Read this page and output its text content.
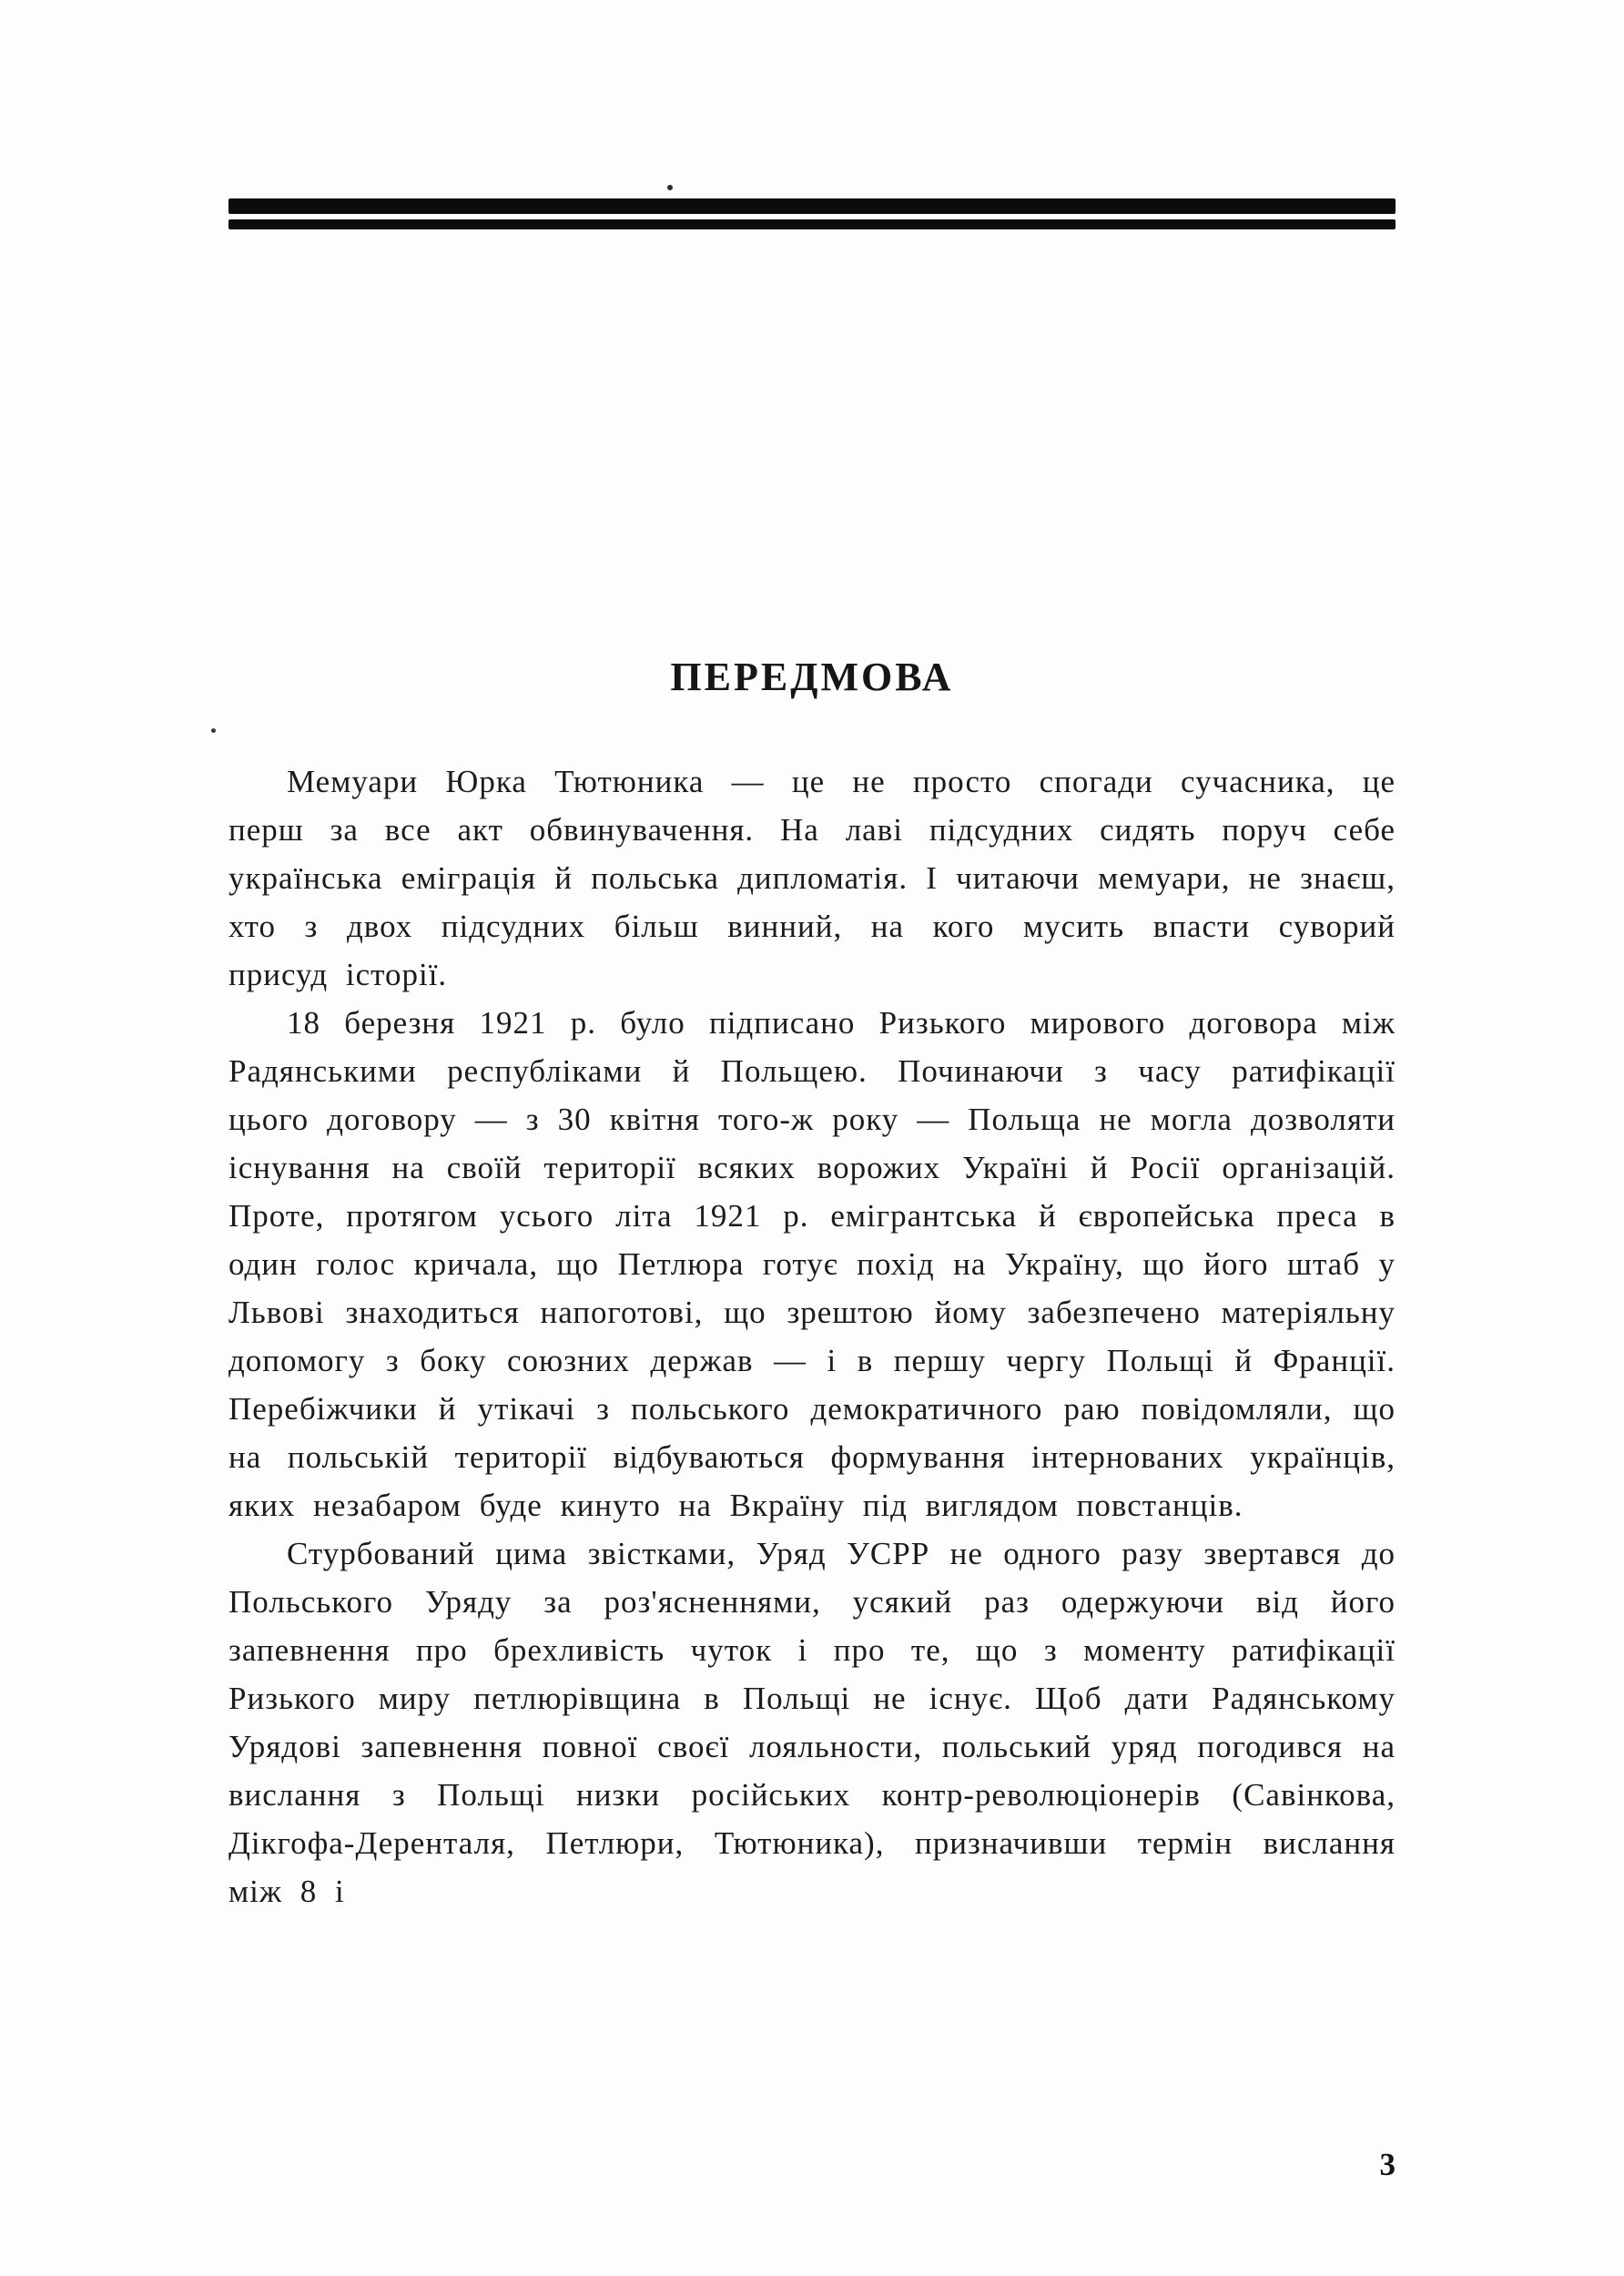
ПЕРЕДМОВА

Мемуари Юрка Тютюника — це не просто спогади сучасника, це перш за все акт обвинувачення. На лаві підсудних сидять поруч себе українська еміграція й польська дипломатія. І читаючи мемуари, не знаєш, хто з двох підсудних більш винний, на кого мусить впасти суворий присуд історії.

18 березня 1921 р. було підписано Ризького мирового договора між Радянськими республіками й Польщею. Починаючи з часу ратифікації цього договору — з 30 квітня того-ж року — Польща не могла дозволяти існування на своїй території всяких ворожих Україні й Росії організацій. Проте, протягом усього літа 1921 р. емігрантська й європейська преса в один голос кричала, що Петлюра готує похід на Україну, що його штаб у Львові знаходиться напоготові, що зрештою йому забезпечено матеріяльну допомогу з боку союзних держав — і в першу чергу Польщі й Франції. Перебіжчики й утікачі з польського демократичного раю повідомляли, що на польській території відбуваються формування інтернованих українців, яких незабаром буде кинуто на Вкраїну під виглядом повстанців.

Стурбований цима звістками, Уряд УСРР не одного разу звертався до Польського Уряду за роз'ясненнями, усякий раз одержуючи від його запевнення про брехливість чуток і про те, що з моменту ратифікації Ризького миру петлюрівщина в Польщі не існує. Щоб дати Радянському Урядові запевнення повної своєї лояльности, польський уряд погодився на вислання з Польщі низки російських контр-революціонерів (Савінкова, Дікгофа-Деренталя, Петлюри, Тютюника), призначивши термін вислання між 8 і

3
